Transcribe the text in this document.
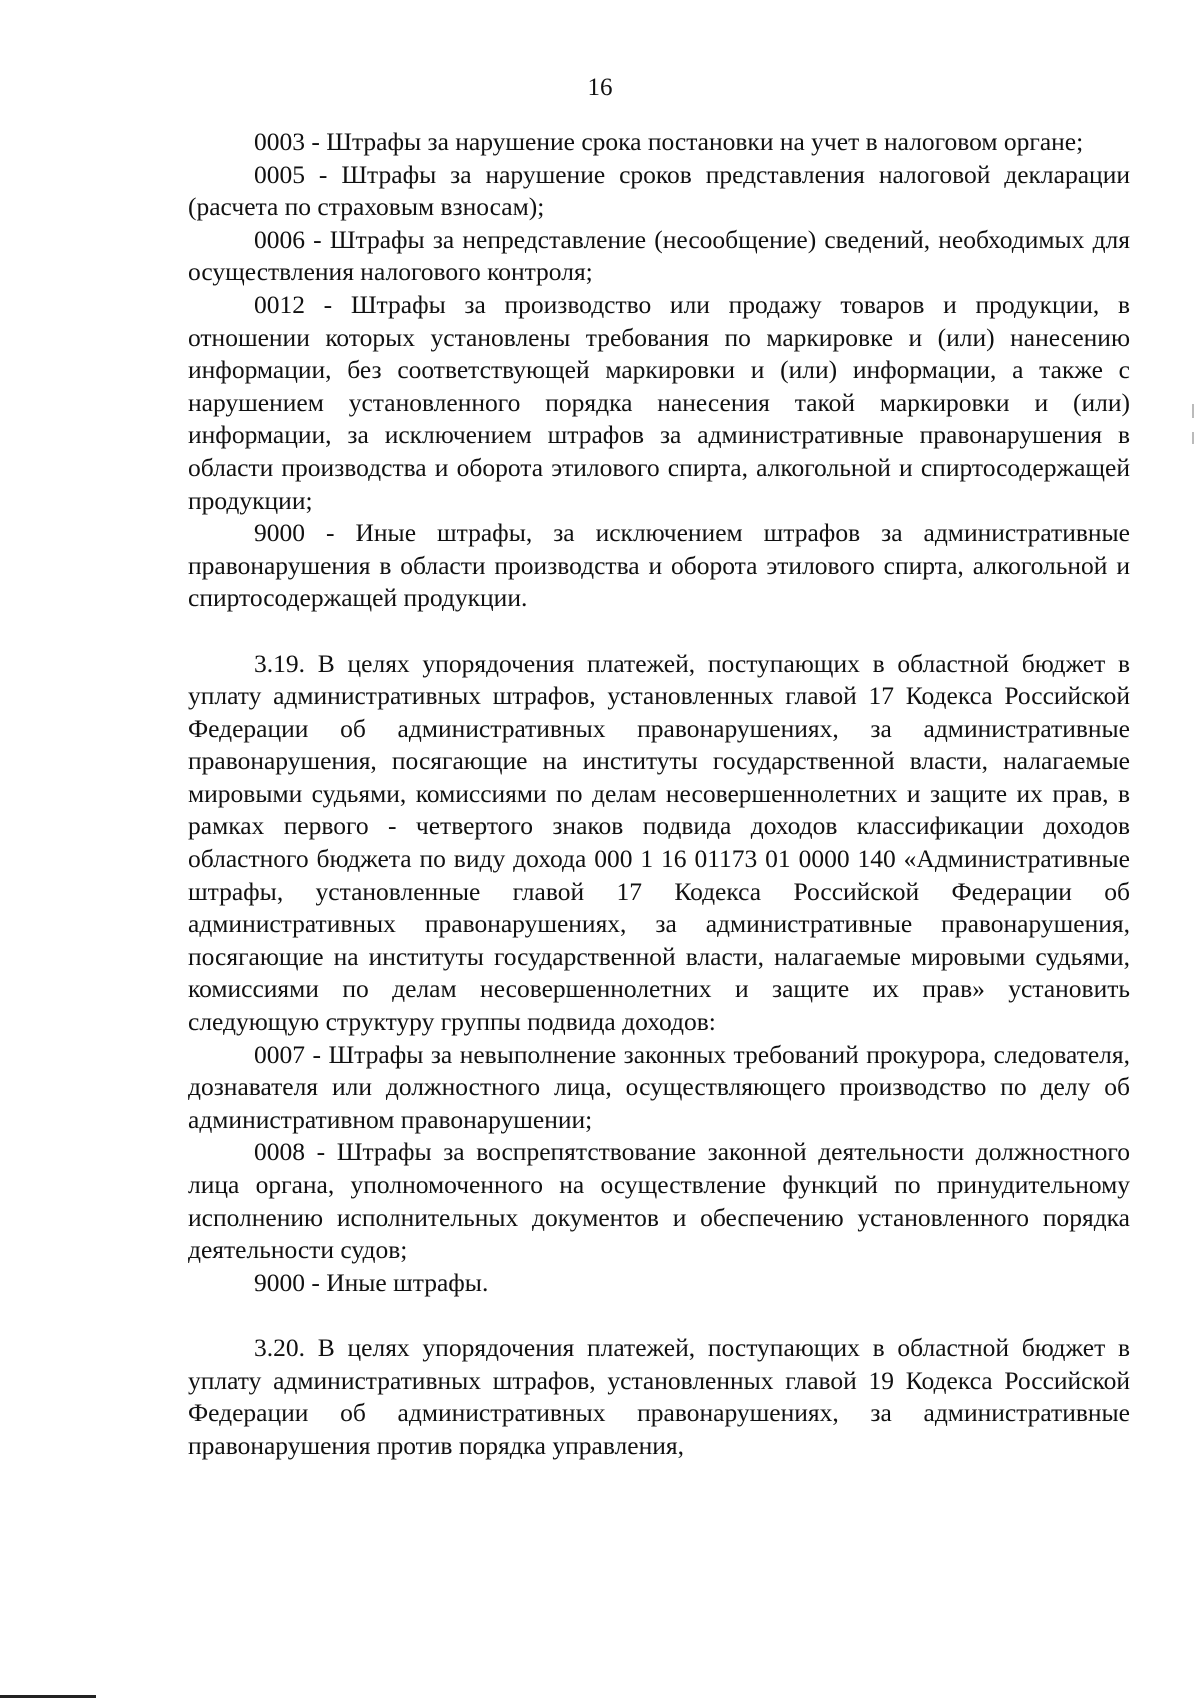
16

0003 - Штрафы за нарушение срока постановки на учет в налоговом органе;

0005 - Штрафы за нарушение сроков представления налоговой декларации (расчета по страховым взносам);

0006 - Штрафы за непредставление (несообщение) сведений, необходимых для осуществления налогового контроля;

0012 - Штрафы за производство или продажу товаров и продукции, в отношении которых установлены требования по маркировке и (или) нанесению информации, без соответствующей маркировки и (или) информации, а также с нарушением установленного порядка нанесения такой маркировки и (или) информации, за исключением штрафов за административные правонарушения в области производства и оборота этилового спирта, алкогольной и спиртосодержащей продукции;

9000 - Иные штрафы, за исключением штрафов за административные правонарушения в области производства и оборота этилового спирта, алкогольной и спиртосодержащей продукции.

3.19. В целях упорядочения платежей, поступающих в областной бюджет в уплату административных штрафов, установленных главой 17 Кодекса Российской Федерации об административных правонарушениях, за административные правонарушения, посягающие на институты государственной власти, налагаемые мировыми судьями, комиссиями по делам несовершеннолетних и защите их прав, в рамках первого - четвертого знаков подвида доходов классификации доходов областного бюджета по виду дохода 000 1 16 01173 01 0000 140 «Административные штрафы, установленные главой 17 Кодекса Российской Федерации об административных правонарушениях, за административные правонарушения, посягающие на институты государственной власти, налагаемые мировыми судьями, комиссиями по делам несовершеннолетних и защите их прав» установить следующую структуру группы подвида доходов:

0007 - Штрафы за невыполнение законных требований прокурора, следователя, дознавателя или должностного лица, осуществляющего производство по делу об административном правонарушении;

0008 - Штрафы за воспрепятствование законной деятельности должностного лица органа, уполномоченного на осуществление функций по принудительному исполнению исполнительных документов и обеспечению установленного порядка деятельности судов;

9000 - Иные штрафы.

3.20. В целях упорядочения платежей, поступающих в областной бюджет в уплату административных штрафов, установленных главой 19 Кодекса Российской Федерации об административных правонарушениях, за административные правонарушения против порядка управления,
